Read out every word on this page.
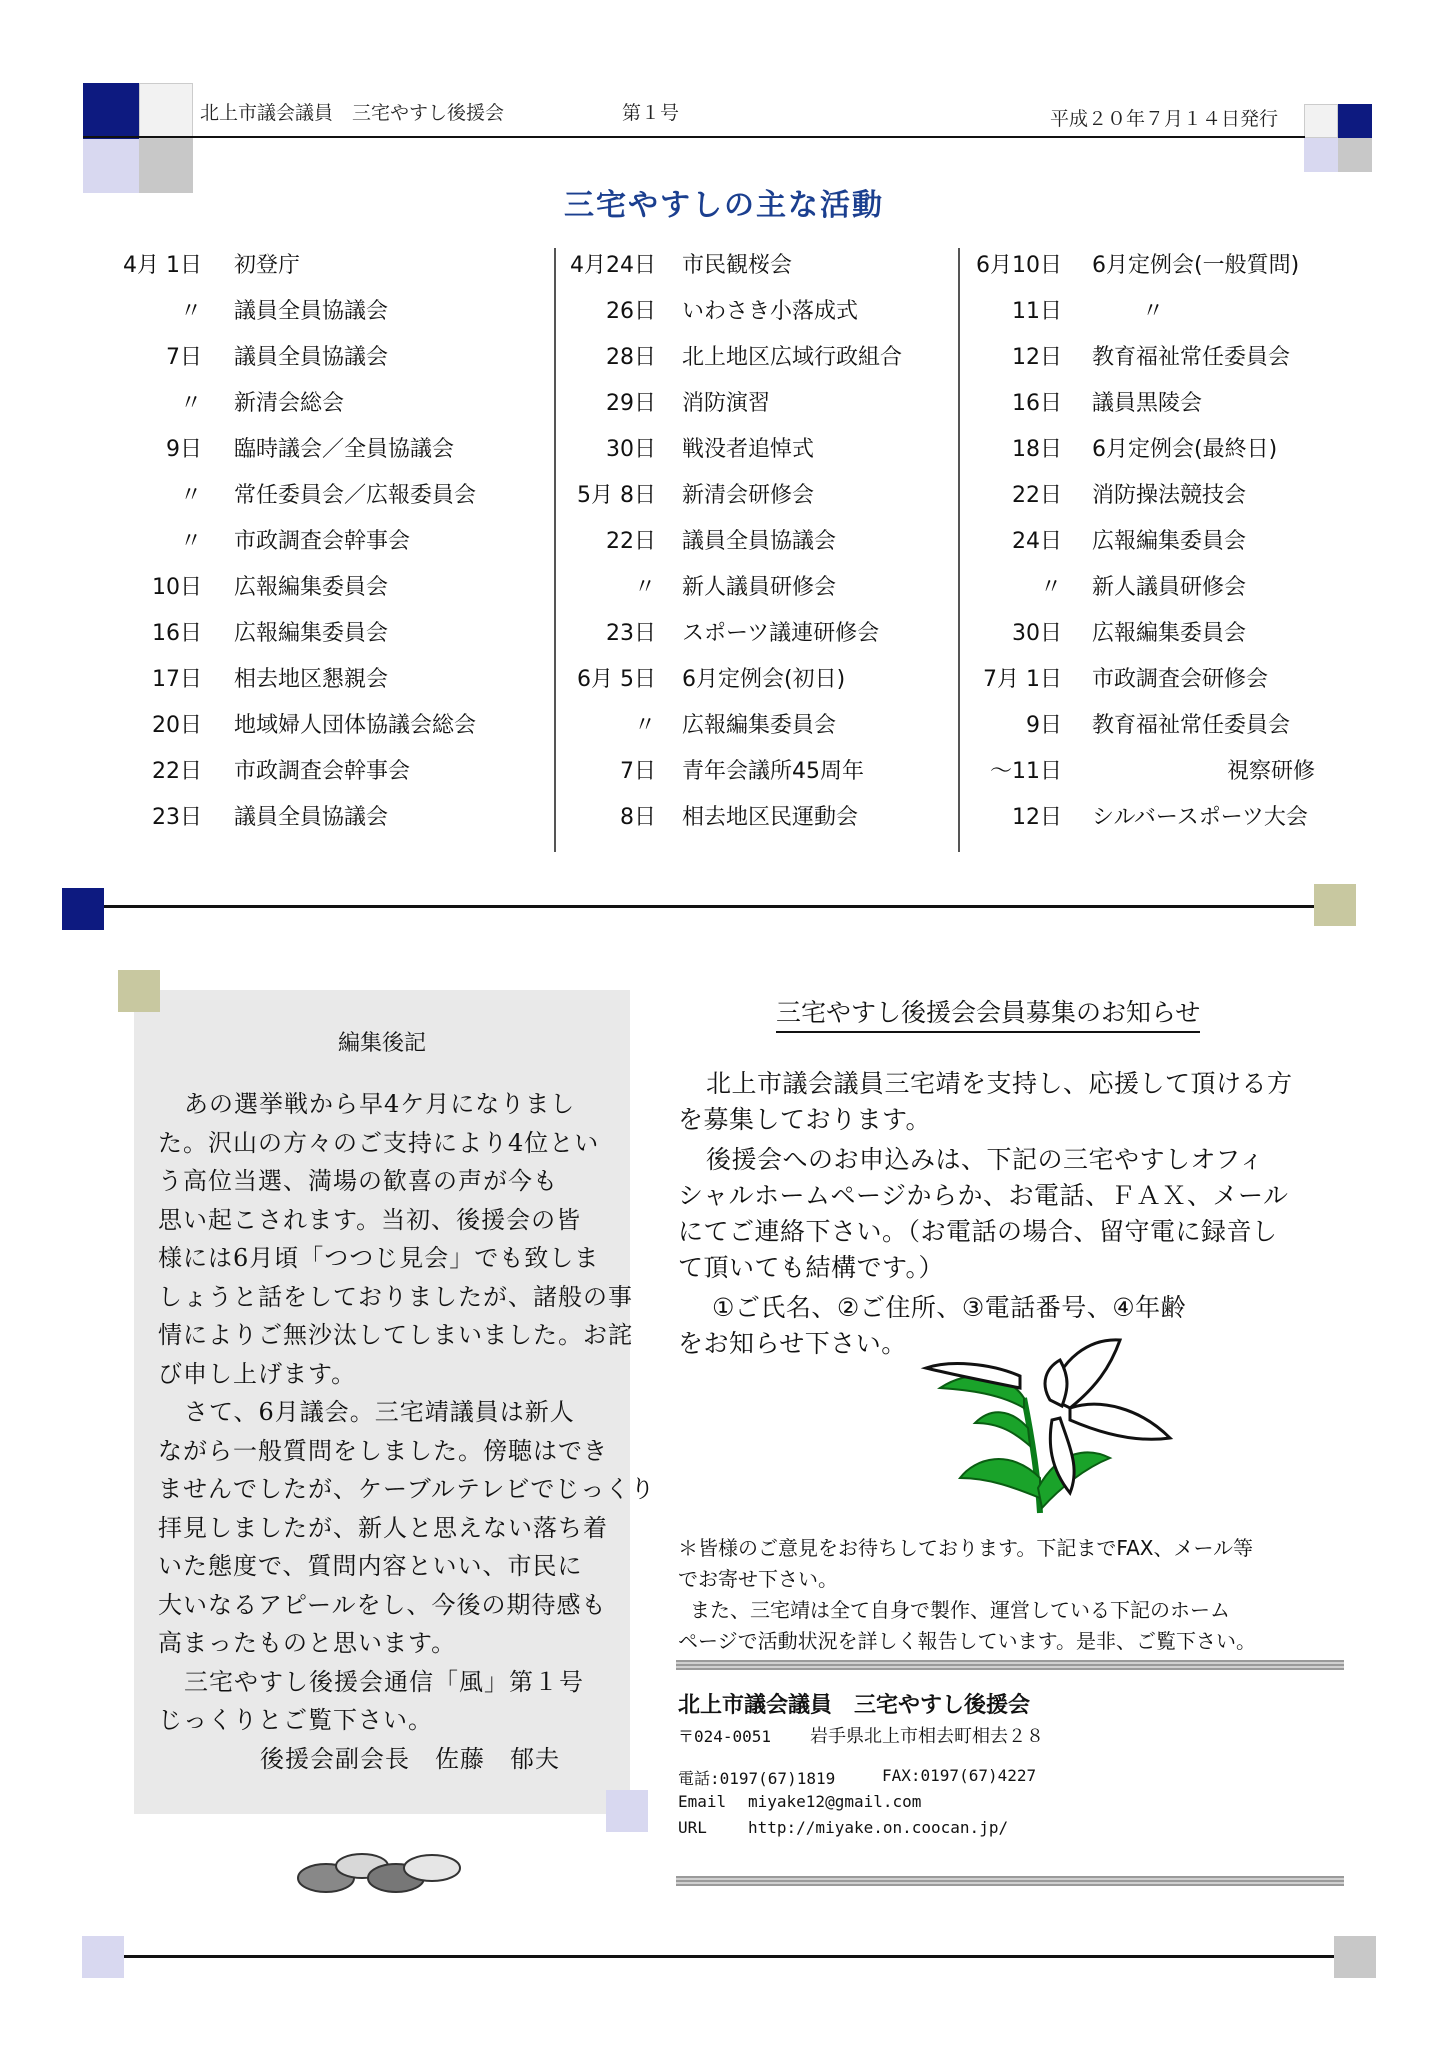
北上市議会議員　三宅やすし後援会	第１号	平成２０年７月１４日発行
三宅やすしの主な活動
4月 1日 初登庁
〃 議員全員協議会
7日 議員全員協議会
〃 新清会総会
9日 臨時議会／全員協議会
〃 常任委員会／広報委員会
〃 市政調査会幹事会
10日 広報編集委員会
16日 広報編集委員会
17日 相去地区懇親会
20日 地域婦人団体協議会総会
22日 市政調査会幹事会
23日 議員全員協議会
4月24日 市民観桜会
26日 いわさき小落成式
28日 北上地区広域行政組合
29日 消防演習
30日 戦没者追悼式
5月 8日 新清会研修会
22日 議員全員協議会
〃 新人議員研修会
23日 スポーツ議連研修会
6月 5日 6月定例会(初日)
〃 広報編集委員会
7日 青年会議所45周年
8日 相去地区民運動会
6月10日 6月定例会(一般質問)
11日	〃
12日 教育福祉常任委員会
16日 議員黒陵会
18日 6月定例会(最終日)
22日 消防操法競技会
24日 広報編集委員会
〃 新人議員研修会
30日 広報編集委員会
7月 1日 市政調査会研修会
9日 教育福祉常任委員会
～11日	視察研修
12日 シルバースポーツ大会
編集後記
あの選挙戦から早4ケ月になりまし
た。沢山の方々のご支持により4位とい
う高位当選、満場の歓喜の声が今も
思い起こされます。当初、後援会の皆
様には6月頃「つつじ見会」でも致しま
しょうと話をしておりましたが、諸般の事
情によりご無沙汰してしまいました。お詫
び申し上げます。
さて、6月議会。三宅靖議員は新人
ながら一般質問をしました。傍聴はでき
ませんでしたが、ケーブルテレビでじっくり
拝見しましたが、新人と思えない落ち着
いた態度で、質問内容といい、市民に
大いなるアピールをし、今後の期待感も
高まったものと思います。
三宅やすし後援会通信「風」第１号
じっくりとご覧下さい。
後援会副会長　佐藤　郁夫
三宅やすし後援会会員募集のお知らせ
北上市議会議員三宅靖を支持し、応援して頂ける方
を募集しております。
後援会へのお申込みは、下記の三宅やすしオフィ
シャルホームページからか、お電話、ＦＡＸ、メール
にてご連絡下さい。（お電話の場合、留守電に録音し
て頂いても結構です。）
①ご氏名、②ご住所、③電話番号、④年齢
をお知らせ下さい。
＊皆様のご意見をお待ちしております。下記までFAX、メール等
でお寄せ下さい。
また、三宅靖は全て自身で製作、運営している下記のホーム
ページで活動状況を詳しく報告しています。是非、ご覧下さい。
北上市議会議員　三宅やすし後援会
〒024-0051 岩手県北上市相去町相去２８
電話:0197(67)1819	FAX:0197(67)4227
Email miyake12@gmail.com
URL	http://miyake.on.coocan.jp/
